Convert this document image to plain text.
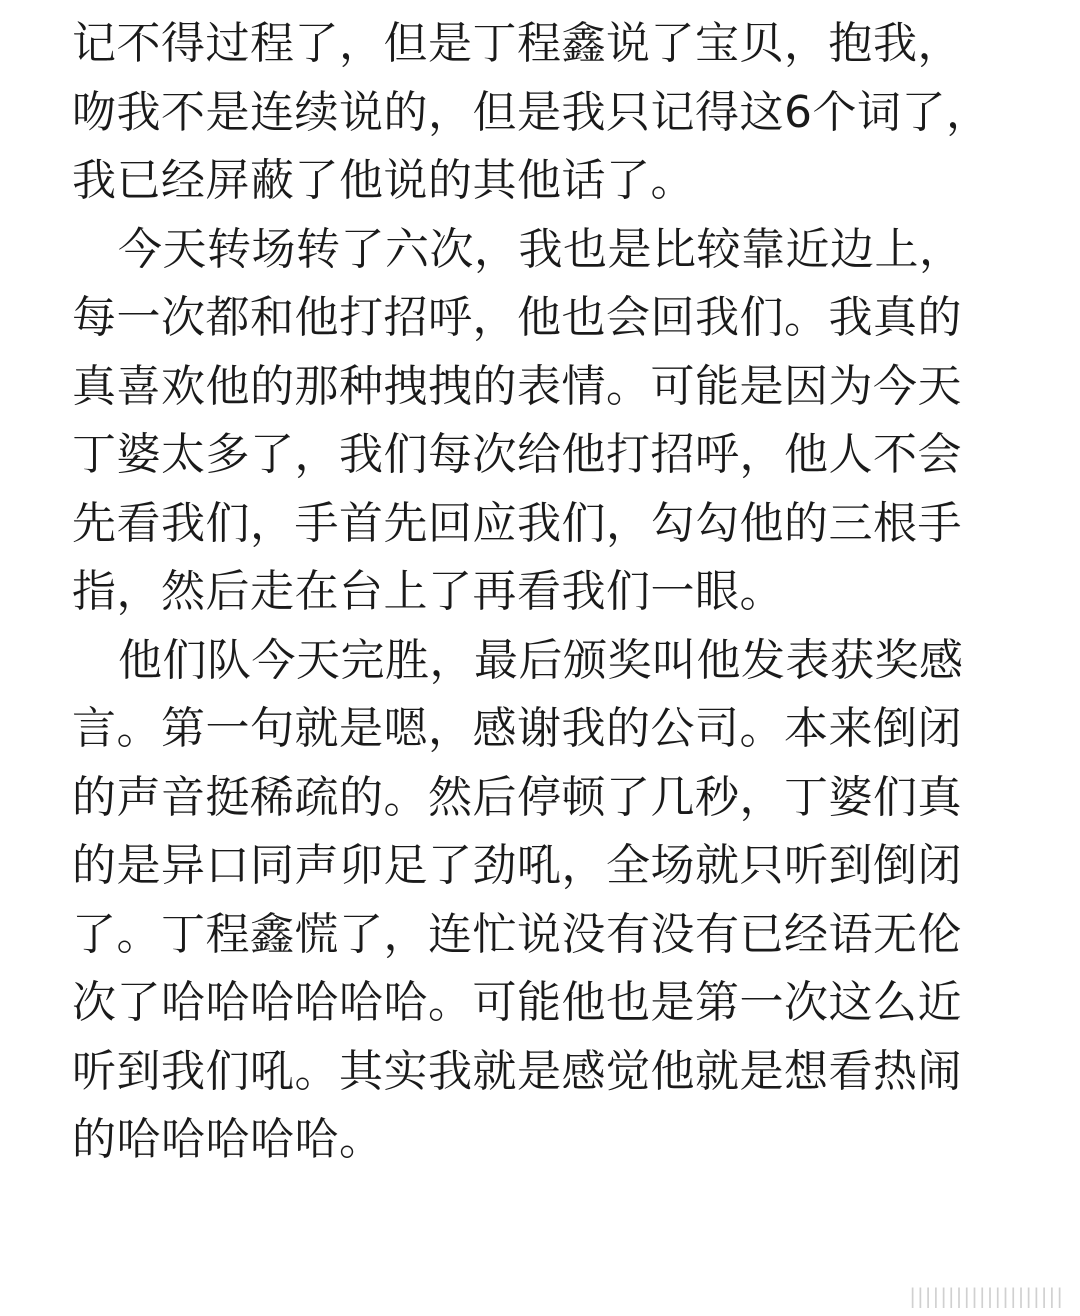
记不得过程了，但是丁程鑫说了宝贝，抱我，
吻我不是连续说的，但是我只记得这6个词了，
我已经屏蔽了他说的其他话了。
今天转场转了六次，我也是比较靠近边上，
每一次都和他打招呼，他也会回我们。我真的
真喜欢他的那种拽拽的表情。可能是因为今天
丁婆太多了，我们每次给他打招呼，他人不会
先看我们，手首先回应我们，勾勾他的三根手
指，然后走在台上了再看我们一眼。
他们队今天完胜，最后颁奖叫他发表获奖感
言。第一句就是嗯，感谢我的公司。本来倒闭
的声音挺稀疏的。然后停顿了几秒，丁婆们真
的是异口同声卯足了劲吼，全场就只听到倒闭
了。丁程鑫慌了，连忙说没有没有已经语无伦
次了哈哈哈哈哈哈。可能他也是第一次这么近
听到我们吼。其实我就是感觉他就是想看热闹
的哈哈哈哈哈。
||||||||||||||||||||
